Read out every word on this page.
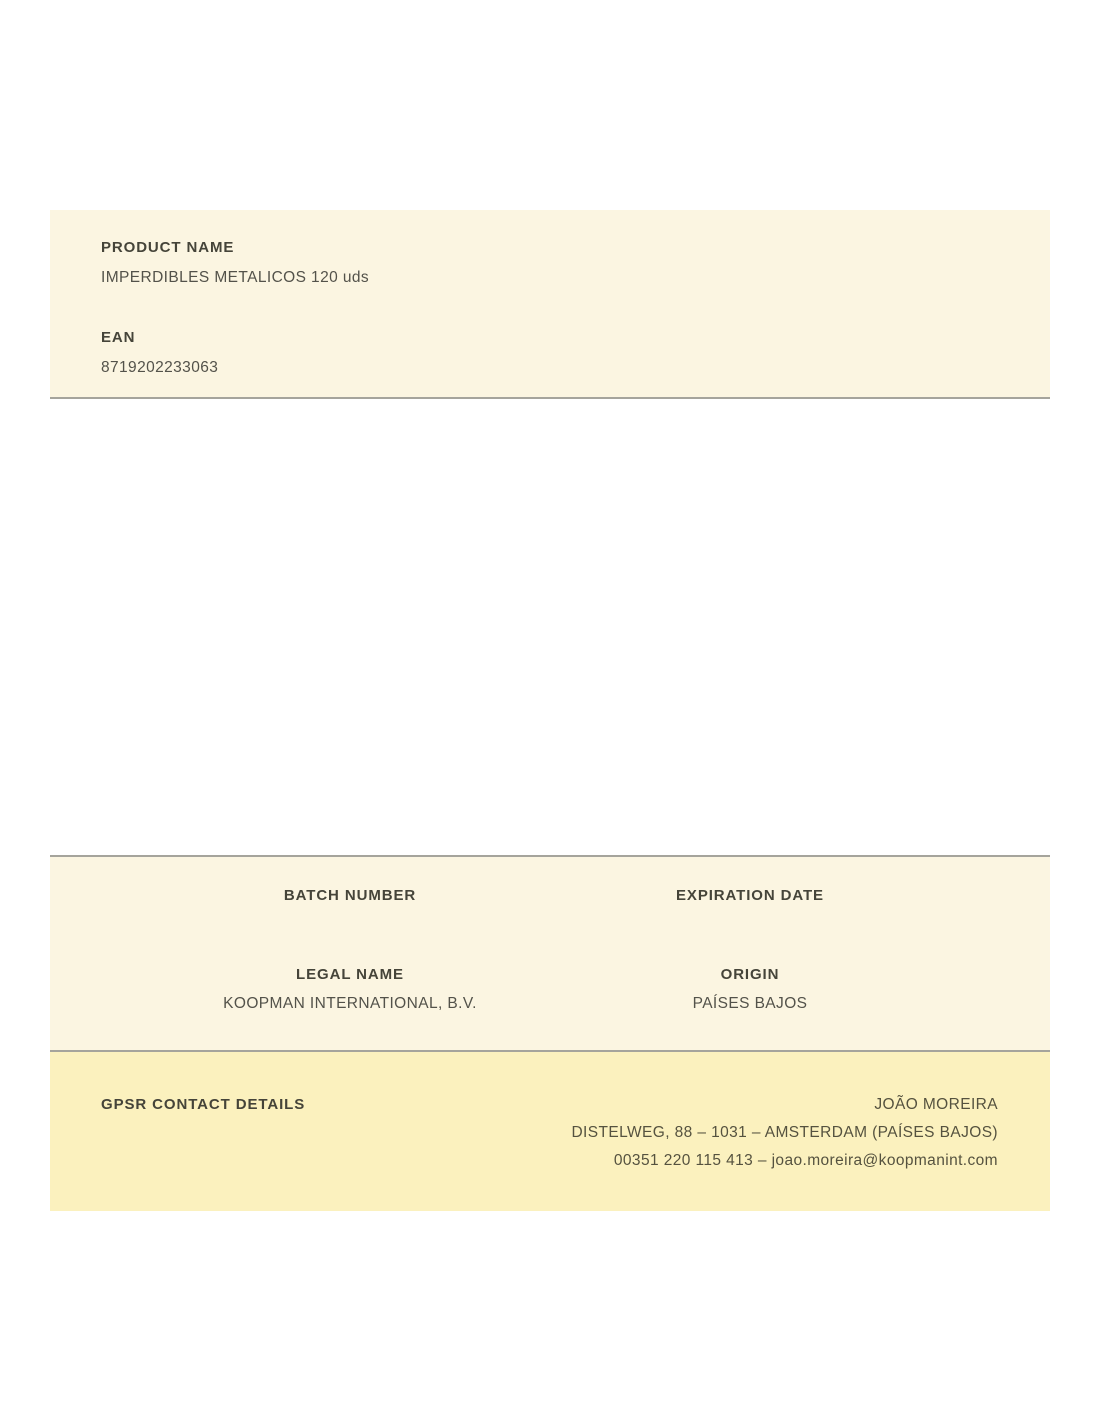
PRODUCT NAME
IMPERDIBLES METALICOS 120 uds
EAN
8719202233063
BATCH NUMBER
LEGAL NAME
KOOPMAN INTERNATIONAL, B.V.
EXPIRATION DATE
ORIGIN
PAÍSES BAJOS
GPSR CONTACT DETAILS	JOÃO MOREIRA
DISTELWEG, 88 – 1031 – AMSTERDAM (PAÍSES BAJOS)
00351 220 115 413 – joao.moreira@koopmanint.com
